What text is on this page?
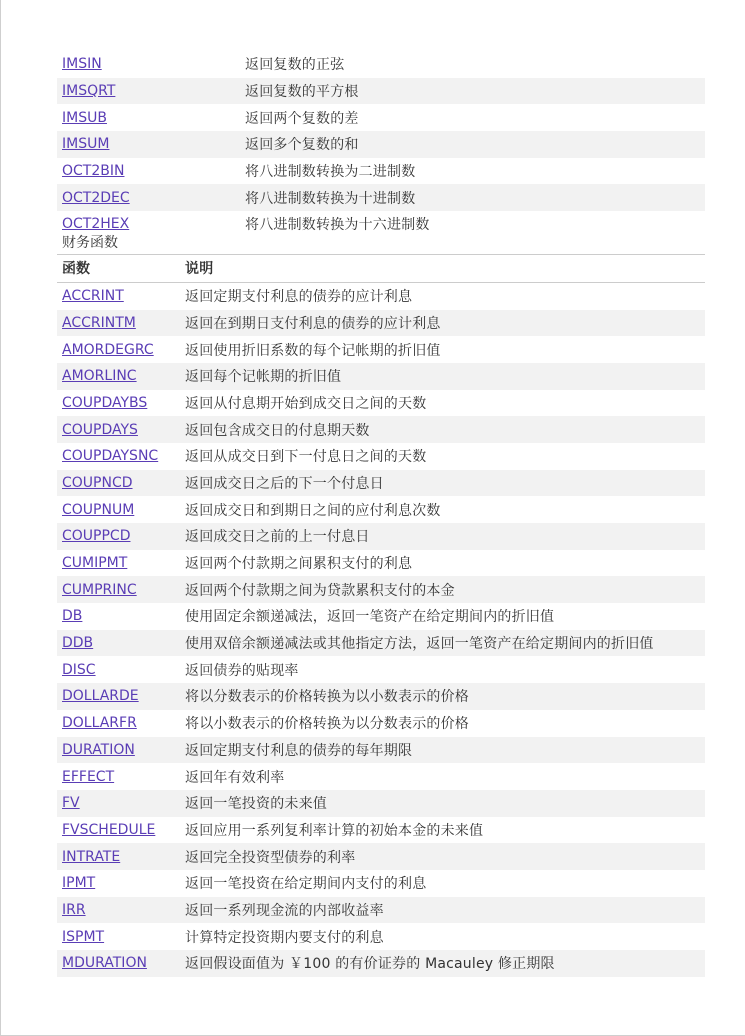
IMSIN	返回复数的正弦
IMSQRT	返回复数的平方根
IMSUB	返回两个复数的差
IMSUM	返回多个复数的和
OCT2BIN	将八进制数转换为二进制数
OCT2DEC	将八进制数转换为十进制数
OCT2HEX	将八进制数转换为十六进制数
财务函数
函数	说明
ACCRINT	返回定期支付利息的债券的应计利息
ACCRINTM	返回在到期日支付利息的债券的应计利息
AMORDEGRC	返回使用折旧系数的每个记帐期的折旧值
AMORLINC	返回每个记帐期的折旧值
COUPDAYBS	返回从付息期开始到成交日之间的天数
COUPDAYS	返回包含成交日的付息期天数
COUPDAYSNC	返回从成交日到下一付息日之间的天数
COUPNCD	返回成交日之后的下一个付息日
COUPNUM	返回成交日和到期日之间的应付利息次数
COUPPCD	返回成交日之前的上一付息日
CUMIPMT	返回两个付款期之间累积支付的利息
CUMPRINC	返回两个付款期之间为贷款累积支付的本金
DB	使用固定余额递减法，返回一笔资产在给定期间内的折旧值
DDB	使用双倍余额递减法或其他指定方法，返回一笔资产在给定期间内的折旧值
DISC	返回债券的贴现率
DOLLARDE	将以分数表示的价格转换为以小数表示的价格
DOLLARFR	将以小数表示的价格转换为以分数表示的价格
DURATION	返回定期支付利息的债券的每年期限
EFFECT	返回年有效利率
FV	返回一笔投资的未来值
FVSCHEDULE	返回应用一系列复利率计算的初始本金的未来值
INTRATE	返回完全投资型债券的利率
IPMT	返回一笔投资在给定期间内支付的利息
IRR	返回一系列现金流的内部收益率
ISPMT	计算特定投资期内要支付的利息
MDURATION	返回假设面值为 ￥100 的有价证券的 Macauley 修正期限
